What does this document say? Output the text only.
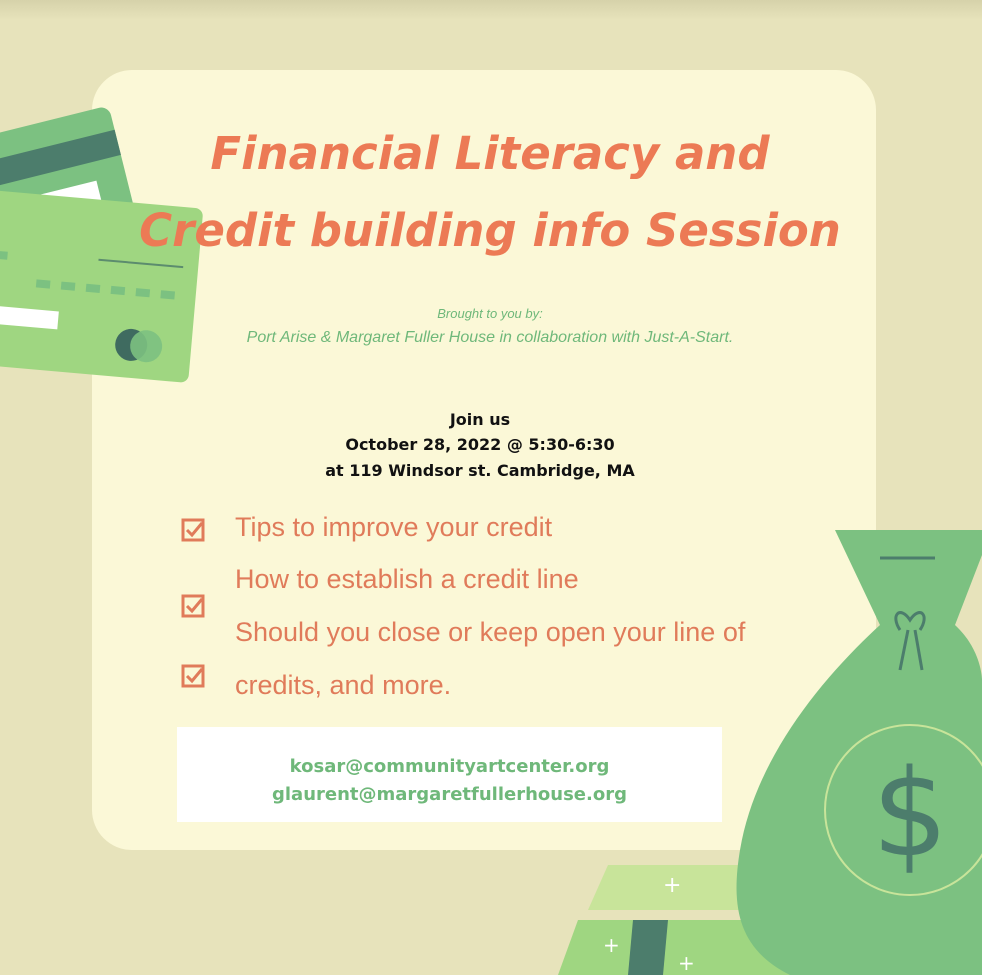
+
+
+
$
Financial Literacy and
Credit building info Session
Brought to you by:
Port Arise & Margaret Fuller House in collaboration with Just-A-Start.
Join us
October 28, 2022 @ 5:30-6:30
at 119 Windsor st. Cambridge, MA
Tips to improve your credit
How to establish a credit line
Should you close or keep open your line of
credits, and more.
kosar@communityartcenter.org
glaurent@margaretfullerhouse.org
